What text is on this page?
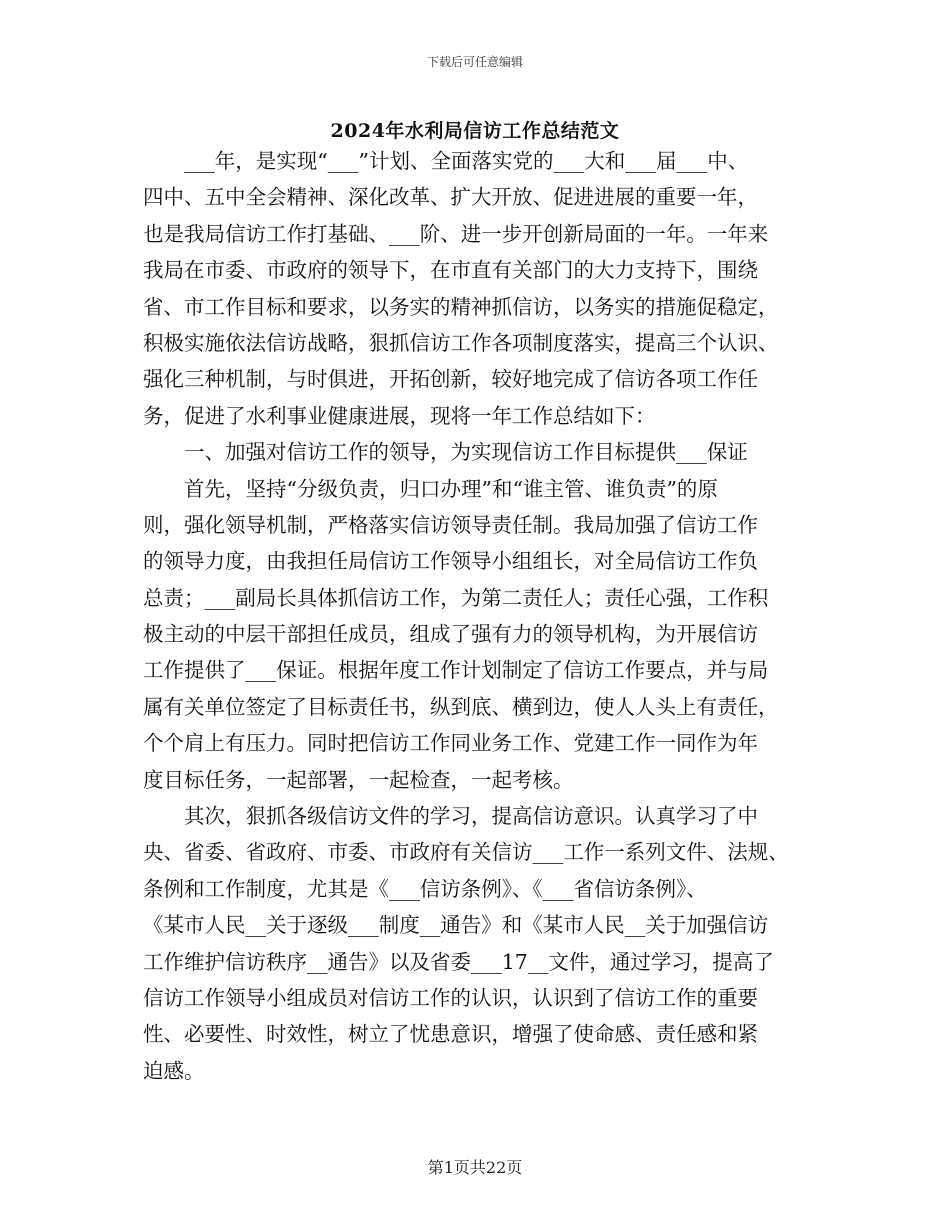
下载后可任意编辑
2024年水利局信访工作总结范文
___年，是实现“___”计划、全面落实党的___大和___届___中、
四中、五中全会精神、深化改革、扩大开放、促进进展的重要一年，
也是我局信访工作打基础、___阶、进一步开创新局面的一年。一年来
我局在市委、市政府的领导下，在市直有关部门的大力支持下，围绕
省、市工作目标和要求，以务实的精神抓信访，以务实的措施促稳定，
积极实施依法信访战略，狠抓信访工作各项制度落实，提高三个认识、
强化三种机制，与时俱进，开拓创新，较好地完成了信访各项工作任
务，促进了水利事业健康进展，现将一年工作总结如下：
一、加强对信访工作的领导，为实现信访工作目标提供___保证
首先，坚持“分级负责，归口办理”和“谁主管、谁负责”的原
则，强化领导机制，严格落实信访领导责任制。我局加强了信访工作
的领导力度，由我担任局信访工作领导小组组长，对全局信访工作负
总责；___副局长具体抓信访工作，为第二责任人；责任心强，工作积
极主动的中层干部担任成员，组成了强有力的领导机构，为开展信访
工作提供了___保证。根据年度工作计划制定了信访工作要点，并与局
属有关单位签定了目标责任书，纵到底、横到边，使人人头上有责任，
个个肩上有压力。同时把信访工作同业务工作、党建工作一同作为年
度目标任务，一起部署，一起检查，一起考核。
其次，狠抓各级信访文件的学习，提高信访意识。认真学习了中
央、省委、省政府、市委、市政府有关信访___工作一系列文件、法规、
条例和工作制度，尤其是《___信访条例》、《___省信访条例》、
《某市人民__关于逐级___制度__通告》和《某市人民__关于加强信访
工作维护信访秩序__通告》以及省委___17__文件，通过学习，提高了
信访工作领导小组成员对信访工作的认识，认识到了信访工作的重要
性、必要性、时效性，树立了忧患意识，增强了使命感、责任感和紧
迫感。
第1页共22页
